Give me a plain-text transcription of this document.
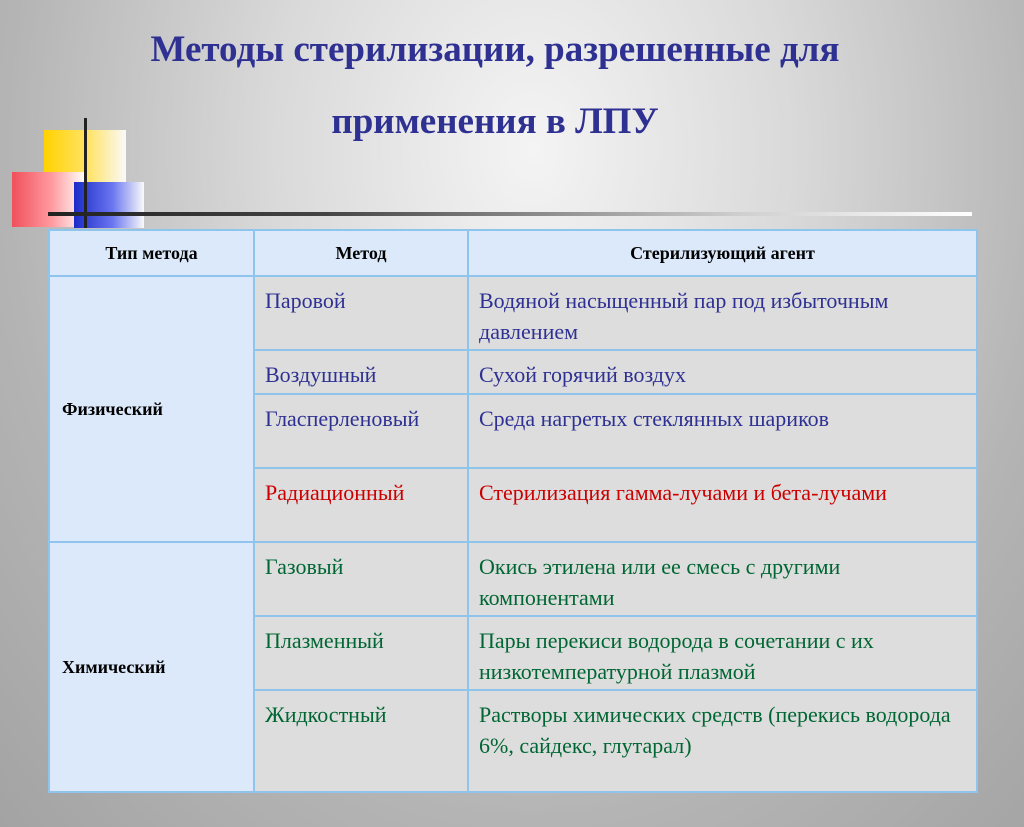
Методы стерилизации, разрешенные для применения в ЛПУ
Тип метода	Метод	Стерилизующий агент
Физический	Паровой	Водяной насыщенный пар под избыточным давлением
	Воздушный	Сухой горячий воздух
	Гласперленовый	Среда нагретых стеклянных шариков
	Радиационный	Стерилизация гамма-лучами и бета-лучами
Химический	Газовый	Окись этилена или ее смесь с другими компонентами
	Плазменный	Пары перекиси водорода в сочетании с их низкотемпературной плазмой
	Жидкостный	Растворы химических средств (перекись водорода 6%, сайдекс, глутарал)
